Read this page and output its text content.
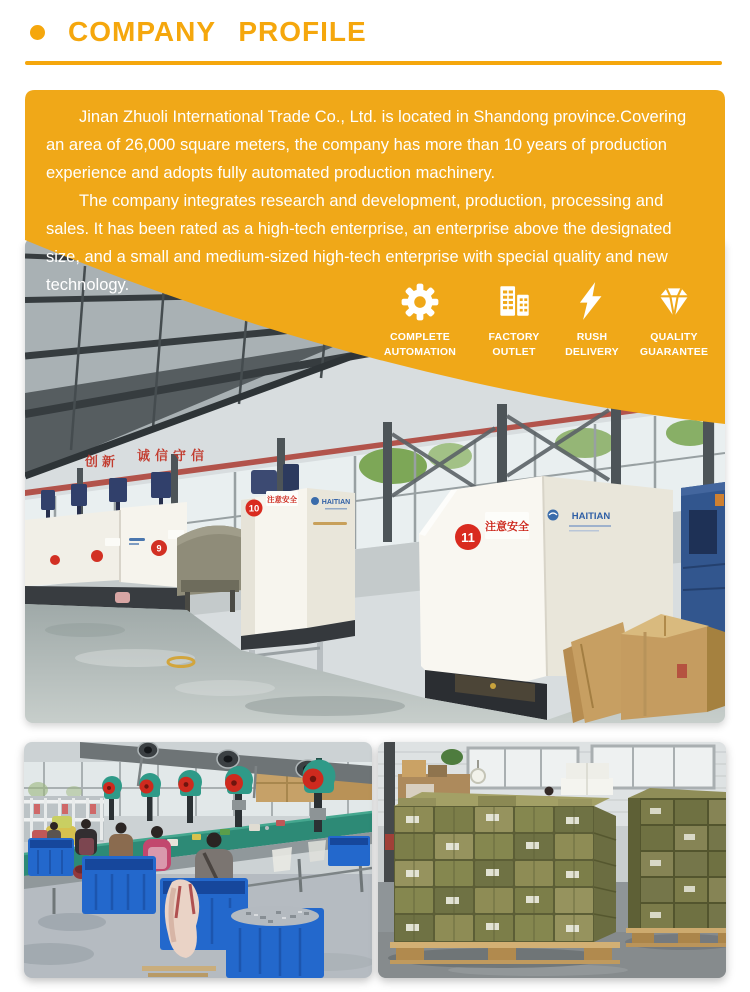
COMPANY PROFILE
创新 诚信守信
9
10
注意安全	HAITIAN
11
注意安全
HAITIAN

Jinan Zhuoli International Trade Co., Ltd. is located in Shandong province.Covering an area of 26,000 square meters, the company has more than 10 years of production experience and adopts fully automated production machinery.

The company integrates research and development, production, processing and sales. It has been rated as a high-tech enterprise, an enterprise above the designated size, and a small and medium-sized high-tech enterprise with special quality and new technology.

COMPLETE
AUTOMATION
FACTORY
OUTLET
RUSH
DELIVERY
QUALITY
GUARANTEE
